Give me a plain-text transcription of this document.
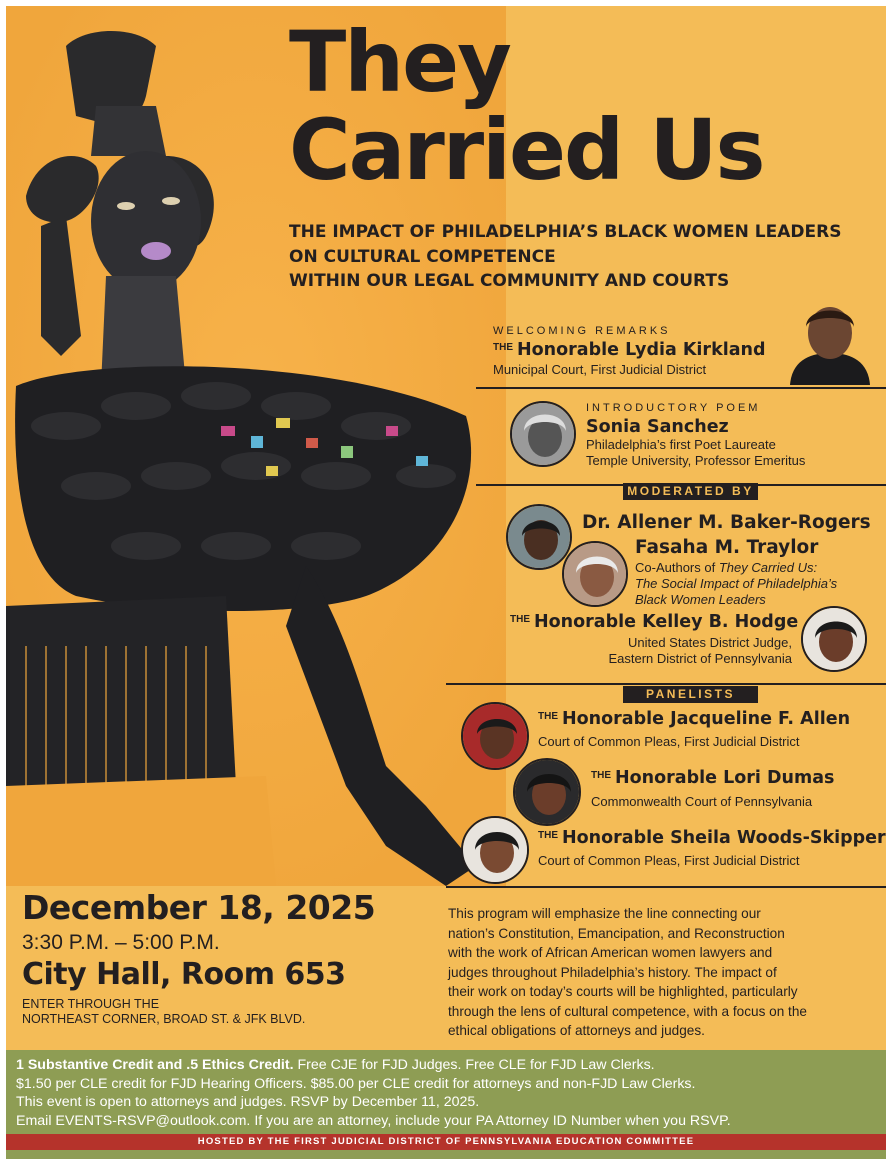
They
Carried Us
THE IMPACT OF PHILADELPHIA’S BLACK WOMEN LEADERS
ON CULTURAL COMPETENCE
WITHIN OUR LEGAL COMMUNITY AND COURTS
WELCOMING REMARKS
$^{THE}$ Honorable Lydia Kirkland
Municipal Court, First Judicial District
INTRODUCTORY POEM
Sonia Sanchez
Philadelphia’s first Poet Laureate
Temple University, Professor Emeritus
MODERATED BY
Dr. Allener M. Baker-Rogers
Fasaha M. Traylor
Co-Authors of They Carried Us:
The Social Impact of Philadelphia’s
Black Women Leaders
$^{THE}$ Honorable Kelley B. Hodge
United States District Judge,
Eastern District of Pennsylvania
PANELISTS
$^{THE}$ Honorable Jacqueline F. Allen
Court of Common Pleas, First Judicial District
$^{THE}$ Honorable Lori Dumas
Commonwealth Court of Pennsylvania
$^{THE}$ Honorable Sheila Woods-Skipper
Court of Common Pleas, First Judicial District
December 18, 2025
3:30 P.M. – 5:00 P.M.
City Hall, Room 653
ENTER THROUGH THE
NORTHEAST CORNER, BROAD ST. & JFK BLVD.
This program will emphasize the line connecting our
nation’s Constitution, Emancipation, and Reconstruction
with the work of African American women lawyers and
judges throughout Philadelphia’s history. The impact of
their work on today’s courts will be highlighted, particularly
through the lens of cultural competence, with a focus on the
ethical obligations of attorneys and judges.
1 Substantive Credit and .5 Ethics Credit. Free CJE for FJD Judges. Free CLE for FJD Law Clerks.
$1.50 per CLE credit for FJD Hearing Officers. $85.00 per CLE credit for attorneys and non-FJD Law Clerks.
This event is open to attorneys and judges. RSVP by December 11, 2025.
Email EVENTS-RSVP@outlook.com. If you are an attorney, include your PA Attorney ID Number when you RSVP.
HOSTED BY THE FIRST JUDICIAL DISTRICT OF PENNSYLVANIA EDUCATION COMMITTEE
